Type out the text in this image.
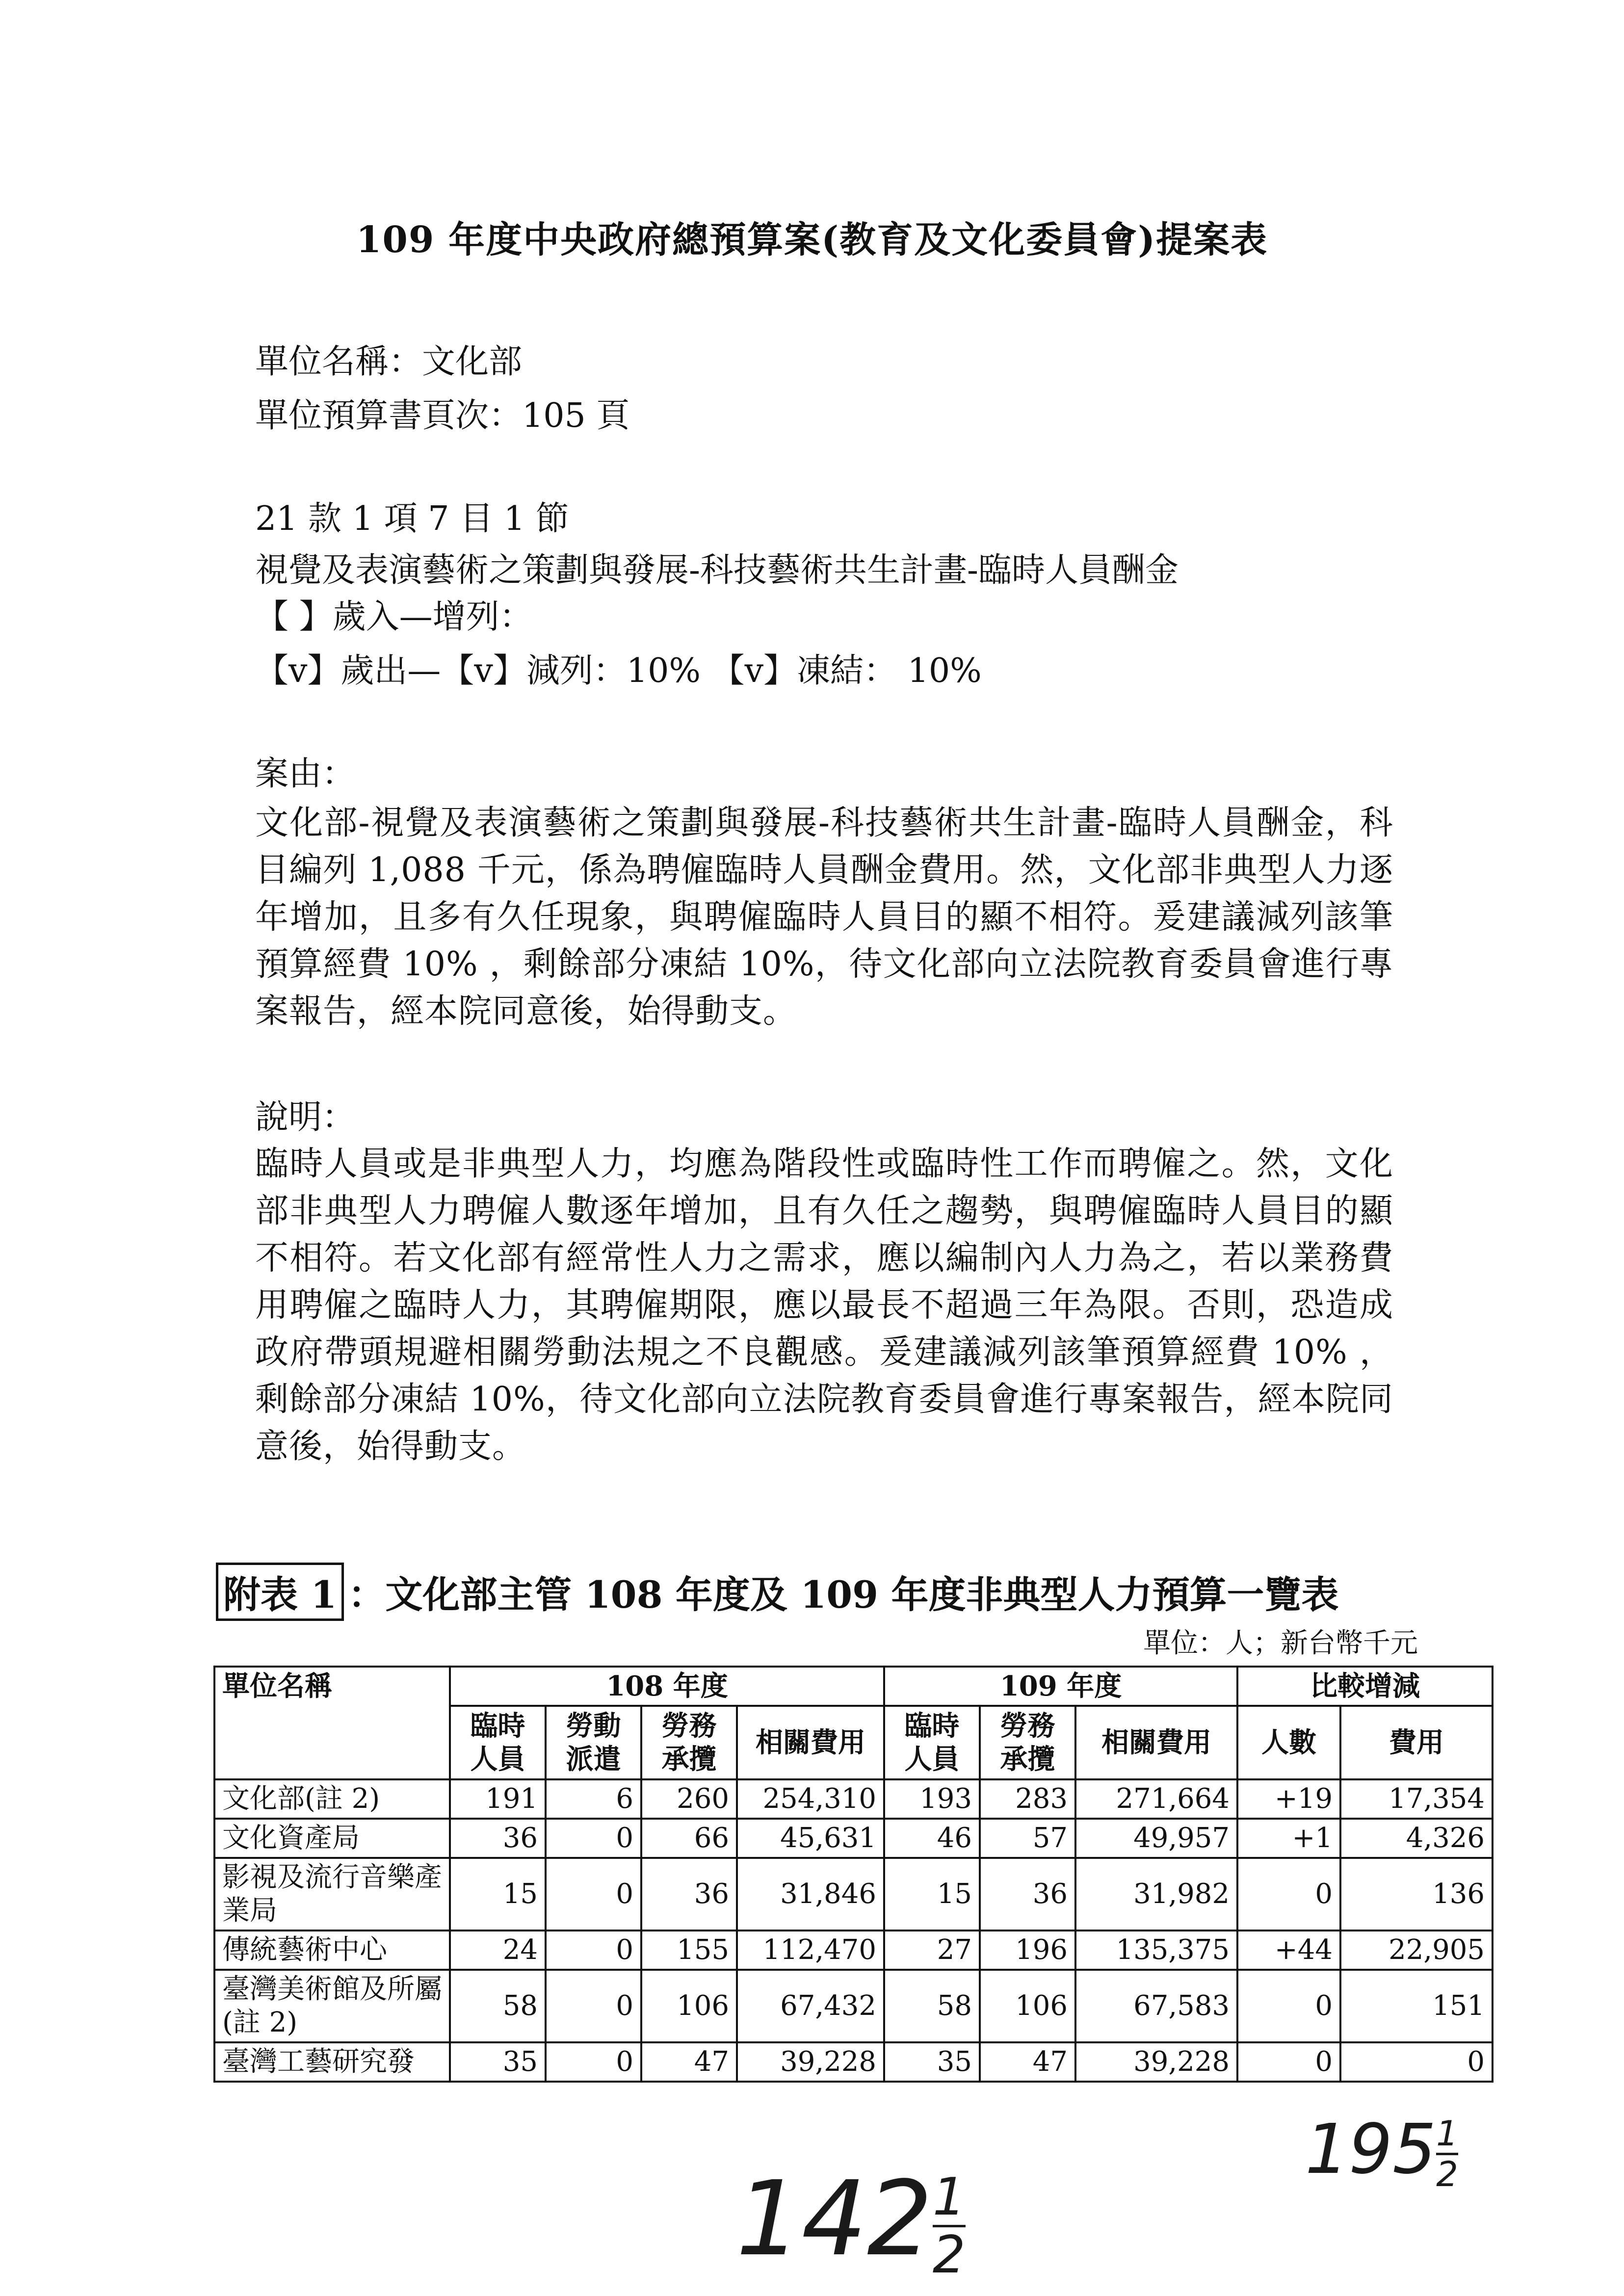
109 年度中央政府總預算案(教育及文化委員會)提案表
單位名稱：文化部
單位預算書頁次：105 頁
21 款 1 項 7 目 1 節
視覺及表演藝術之策劃與發展-科技藝術共生計畫-臨時人員酬金
【 】歲入—增列：
【v】歲出—【v】減列：10% 【v】凍結： 10%
案由：
文化部-視覺及表演藝術之策劃與發展-科技藝術共生計畫-臨時人員酬金，科目編列 1,088 千元，係為聘僱臨時人員酬金費用。然，文化部非典型人力逐年增加，且多有久任現象，與聘僱臨時人員目的顯不相符。爰建議減列該筆預算經費 10% ，剩餘部分凍結 10%，待文化部向立法院教育委員會進行專案報告，經本院同意後，始得動支。
說明：
臨時人員或是非典型人力，均應為階段性或臨時性工作而聘僱之。然，文化部非典型人力聘僱人數逐年增加，且有久任之趨勢，與聘僱臨時人員目的顯不相符。若文化部有經常性人力之需求，應以編制內人力為之，若以業務費用聘僱之臨時人力，其聘僱期限，應以最長不超過三年為限。否則，恐造成政府帶頭規避相關勞動法規之不良觀感。爰建議減列該筆預算經費 10% ，剩餘部分凍結 10%，待文化部向立法院教育委員會進行專案報告，經本院同意後，始得動支。
附表 1 ：文化部主管 108 年度及 109 年度非典型人力預算一覽表
單位：人；新台幣千元
單位名稱	108 年度				109 年度			比較增減	
	臨時人員	勞動派遣	勞務承攬	相關費用	臨時人員	勞務承攬	相關費用	人數	費用
文化部(註 2)	191	6	260	254,310	193	283	271,664	+19	17,354
文化資產局	36	0	66	45,631	46	57	49,957	+1	4,326
影視及流行音樂產業局	15	0	36	31,846	15	36	31,982	0	136
傳統藝術中心	24	0	155	112,470	27	196	135,375	+44	22,905
臺灣美術館及所屬(註 2)	58	0	106	67,432	58	106	67,583	0	151
臺灣工藝研究發	35	0	47	39,228	35	47	39,228	0	0
$142 \frac{1}{2}$
$195 \frac{1}{2}$
